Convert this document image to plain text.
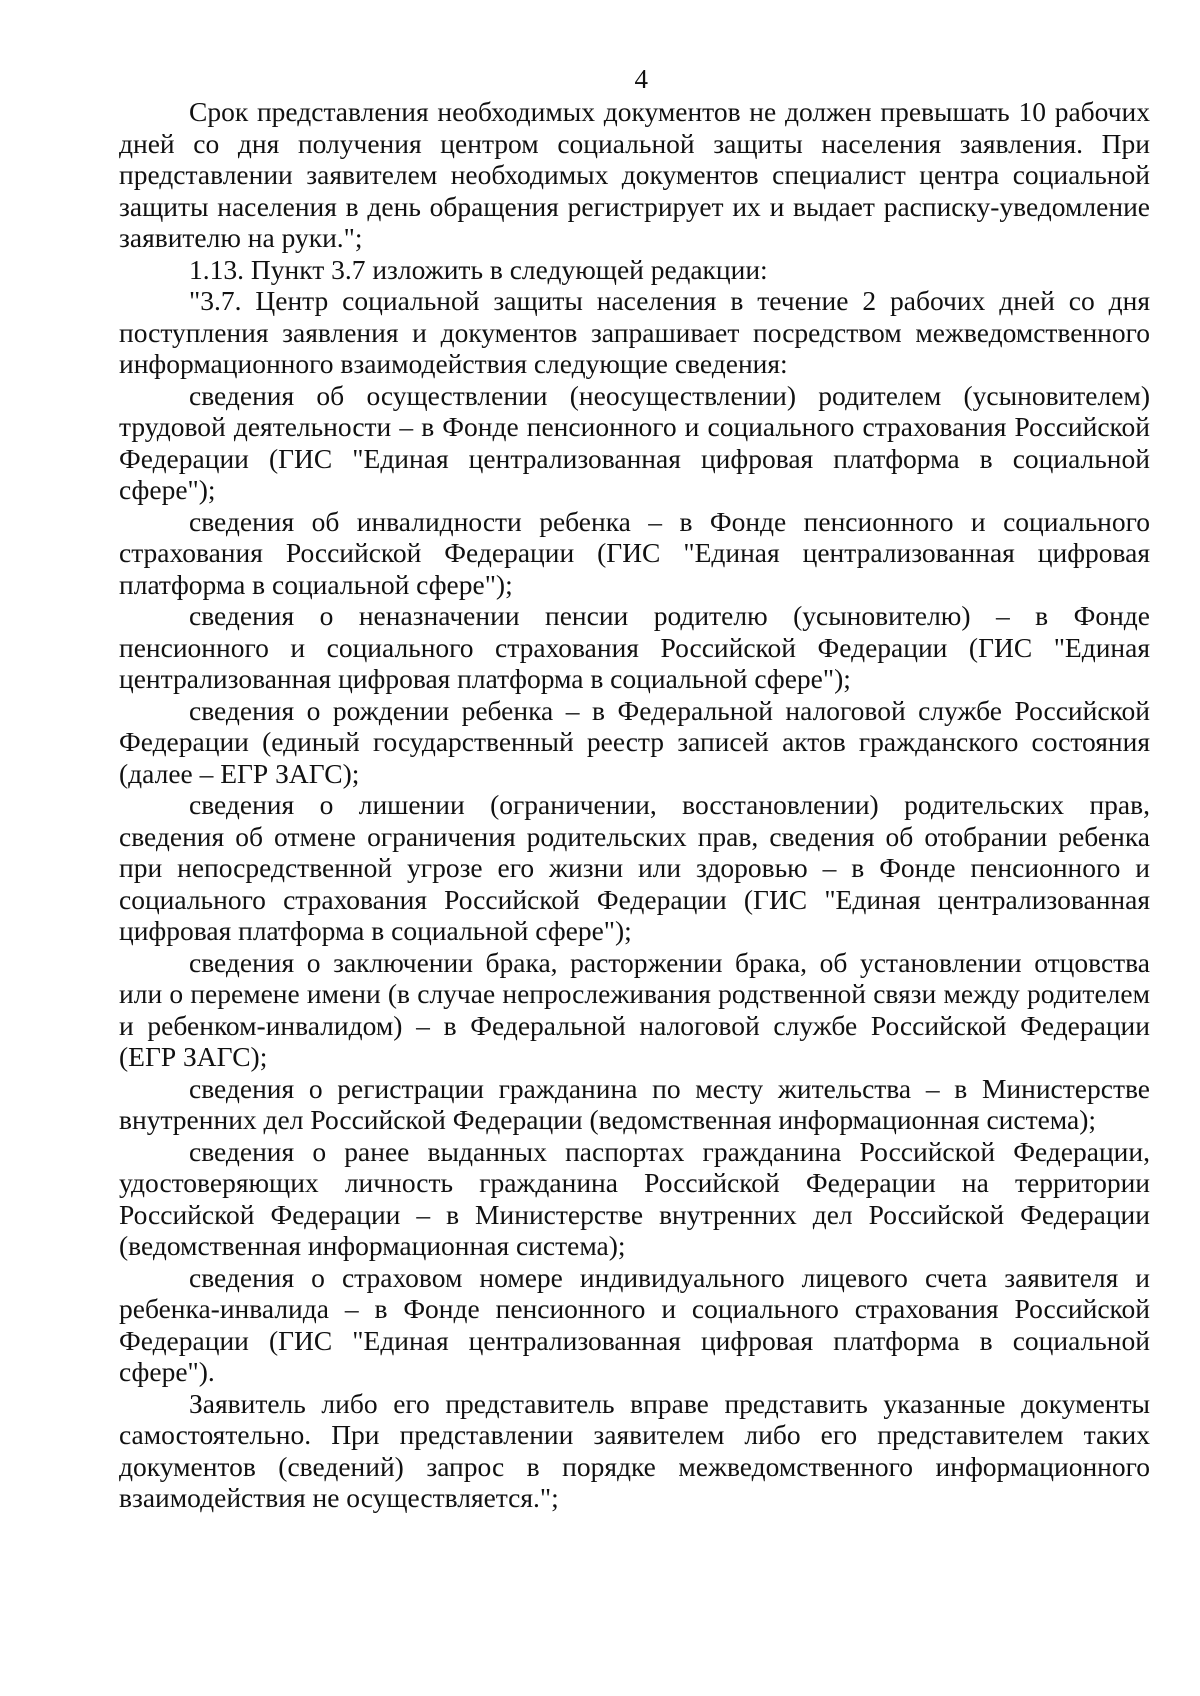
4

Срок представления необходимых документов не должен превышать 10 рабочих дней со дня получения центром социальной защиты населения заявления. При представлении заявителем необходимых документов специалист центра социальной защиты населения в день обращения регистрирует их и выдает расписку-уведомление заявителю на руки.";

1.13. Пункт 3.7 изложить в следующей редакции:

"3.7. Центр социальной защиты населения в течение 2 рабочих дней со дня поступления заявления и документов запрашивает посредством межведомственного информационного взаимодействия следующие сведения:

сведения об осуществлении (неосуществлении) родителем (усыновителем) трудовой деятельности – в Фонде пенсионного и социального страхования Российской Федерации (ГИС "Единая централизованная цифровая платформа в социальной сфере");

сведения об инвалидности ребенка – в Фонде пенсионного и социального страхования Российской Федерации (ГИС "Единая централизованная цифровая платформа в социальной сфере");

сведения о неназначении пенсии родителю (усыновителю) – в Фонде пенсионного и социального страхования Российской Федерации (ГИС "Единая централизованная цифровая платформа в социальной сфере");

сведения о рождении ребенка – в Федеральной налоговой службе Российской Федерации (единый государственный реестр записей актов гражданского состояния (далее – ЕГР ЗАГС);

сведения о лишении (ограничении, восстановлении) родительских прав, сведения об отмене ограничения родительских прав, сведения об отобрании ребенка при непосредственной угрозе его жизни или здоровью – в Фонде пенсионного и социального страхования Российской Федерации (ГИС "Единая централизованная цифровая платформа в социальной сфере");

сведения о заключении брака, расторжении брака, об установлении отцовства или о перемене имени (в случае непрослеживания родственной связи между родителем и ребенком-инвалидом) – в Федеральной налоговой службе Российской Федерации (ЕГР ЗАГС);

сведения о регистрации гражданина по месту жительства – в Министерстве внутренних дел Российской Федерации (ведомственная информационная система);

сведения о ранее выданных паспортах гражданина Российской Федерации, удостоверяющих личность гражданина Российской Федерации на территории Российской Федерации – в Министерстве внутренних дел Российской Федерации (ведомственная информационная система);

сведения о страховом номере индивидуального лицевого счета заявителя и ребенка-инвалида – в Фонде пенсионного и социального страхования Российской Федерации (ГИС "Единая централизованная цифровая платформа в социальной сфере").

Заявитель либо его представитель вправе представить указанные документы самостоятельно. При представлении заявителем либо его представителем таких документов (сведений) запрос в порядке межведомственного информационного взаимодействия не осуществляется.";
